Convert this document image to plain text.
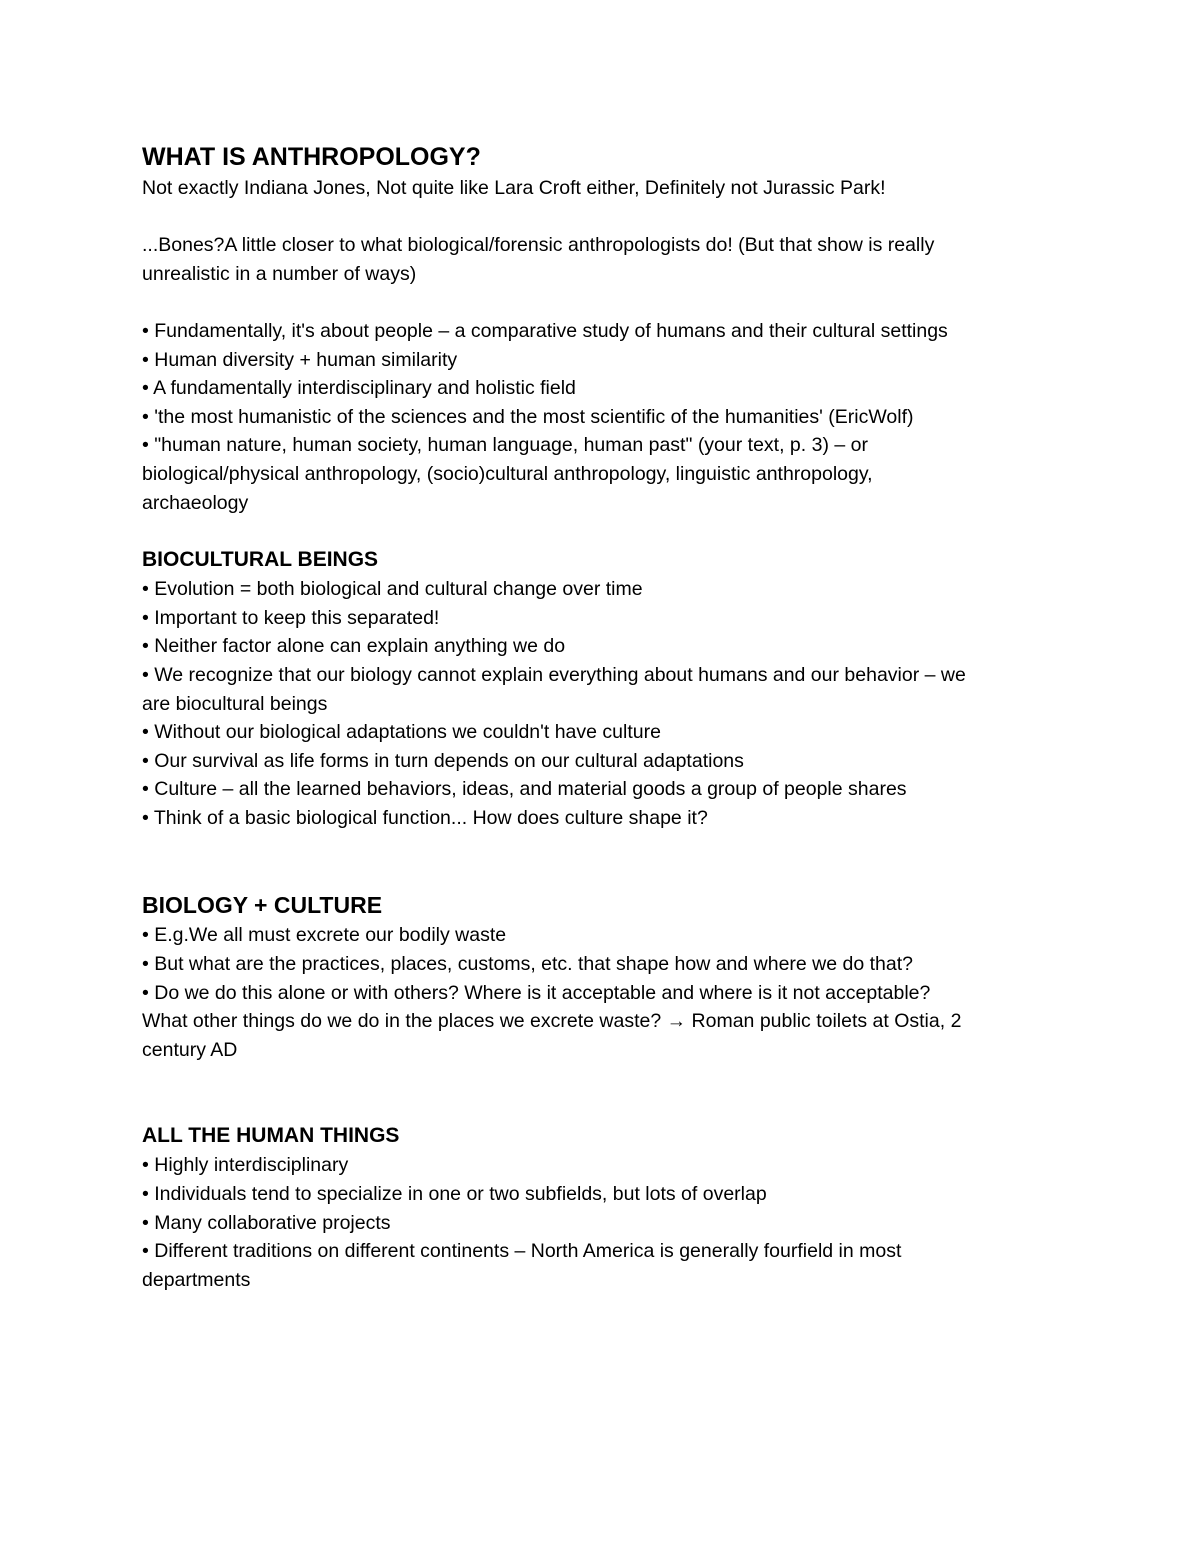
WHAT IS ANTHROPOLOGY?

Not exactly Indiana Jones, Not quite like Lara Croft either, Definitely not Jurassic Park!

...Bones?A little closer to what biological/forensic anthropologists do! (But that show is really

unrealistic in a number of ways)

• Fundamentally, it's about people – a comparative study of humans and their cultural settings

• Human diversity + human similarity

• A fundamentally interdisciplinary and holistic field

• 'the most humanistic of the sciences and the most scientific of the humanities' (EricWolf)

• "human nature, human society, human language, human past" (your text, p. 3) – or

biological/physical anthropology, (socio)cultural anthropology, linguistic anthropology,

archaeology

BIOCULTURAL BEINGS

• Evolution = both biological and cultural change over time

• Important to keep this separated!

• Neither factor alone can explain anything we do

• We recognize that our biology cannot explain everything about humans and our behavior – we

are biocultural beings

• Without our biological adaptations we couldn't have culture

• Our survival as life forms in turn depends on our cultural adaptations

• Culture – all the learned behaviors, ideas, and material goods a group of people shares

• Think of a basic biological function... How does culture shape it?

BIOLOGY + CULTURE

• E.g.We all must excrete our bodily waste

• But what are the practices, places, customs, etc. that shape how and where we do that?

• Do we do this alone or with others? Where is it acceptable and where is it not acceptable?

What other things do we do in the places we excrete waste? → Roman public toilets at Ostia, 2

century AD

ALL THE HUMAN THINGS

• Highly interdisciplinary

• Individuals tend to specialize in one or two subfields, but lots of overlap

• Many collaborative projects

• Different traditions on different continents – North America is generally fourfield in most

departments
